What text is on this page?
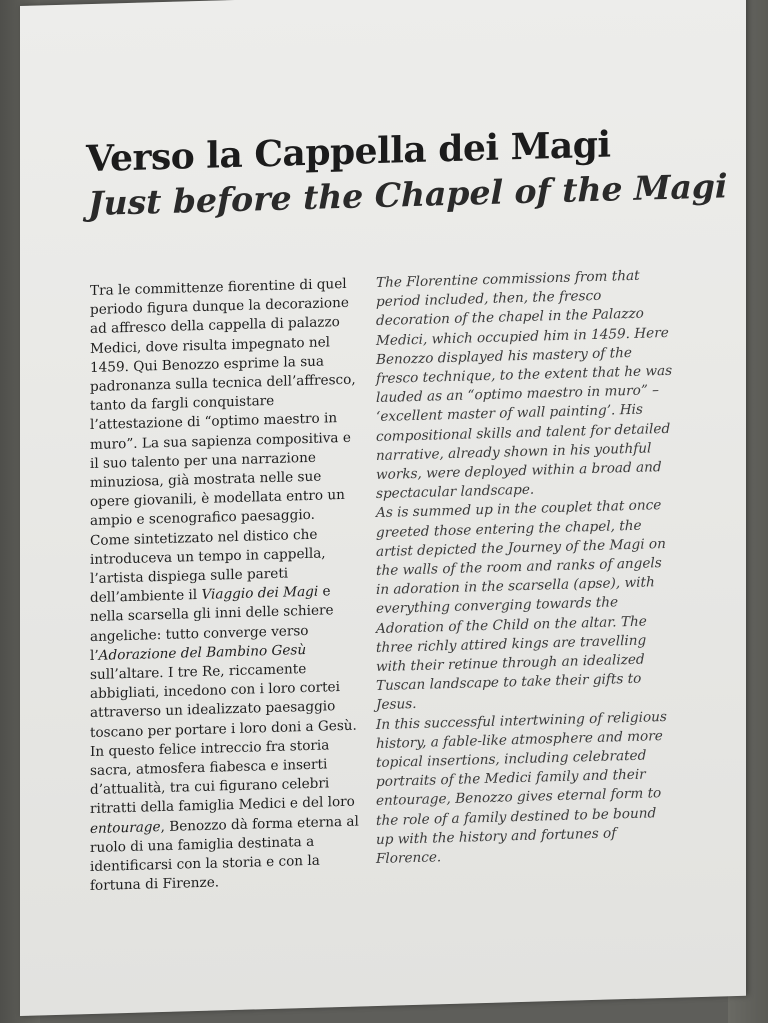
Verso la Cappella dei Magi
Just before the Chapel of the Magi

Tra le committenze fiorentine di quel periodo figura dunque la decorazione ad affresco della cappella di palazzo Medici, dove risulta impegnato nel 1459. Qui Benozzo esprime la sua padronanza sulla tecnica dell’affresco, tanto da fargli conquistare l’attestazione di “optimo maestro in muro”. La sua sapienza compositiva e il suo talento per una narrazione minuziosa, già mostrata nelle sue opere giovanili, è modellata entro un ampio e scenografico paesaggio.

Come sintetizzato nel distico che introduceva un tempo in cappella, l’artista dispiega sulle pareti dell’ambiente il Viaggio dei Magi e nella scarsella gli inni delle schiere angeliche: tutto converge verso l’Adorazione del Bambino Gesù sull’altare. I tre Re, riccamente abbigliati, incedono con i loro cortei attraverso un idealizzato paesaggio toscano per portare i loro doni a Gesù.

In questo felice intreccio fra storia sacra, atmosfera fiabesca e inserti d’attualità, tra cui figurano celebri ritratti della famiglia Medici e del loro entourage, Benozzo dà forma eterna al ruolo di una famiglia destinata a identificarsi con la storia e con la fortuna di Firenze.

The Florentine commissions from that period included, then, the fresco decoration of the chapel in the Palazzo Medici, which occupied him in 1459. Here Benozzo displayed his mastery of the fresco technique, to the extent that he was lauded as an “optimo maestro in muro” – ‘excellent master of wall painting’. His compositional skills and talent for detailed narrative, already shown in his youthful works, were deployed within a broad and spectacular landscape.

As is summed up in the couplet that once greeted those entering the chapel, the artist depicted the Journey of the Magi on the walls of the room and ranks of angels in adoration in the scarsella (apse), with everything converging towards the Adoration of the Child on the altar. The three richly attired kings are travelling with their retinue through an idealized Tuscan landscape to take their gifts to Jesus.

In this successful intertwining of religious history, a fable-like atmosphere and more topical insertions, including celebrated portraits of the Medici family and their entourage, Benozzo gives eternal form to the role of a family destined to be bound up with the history and fortunes of Florence.
